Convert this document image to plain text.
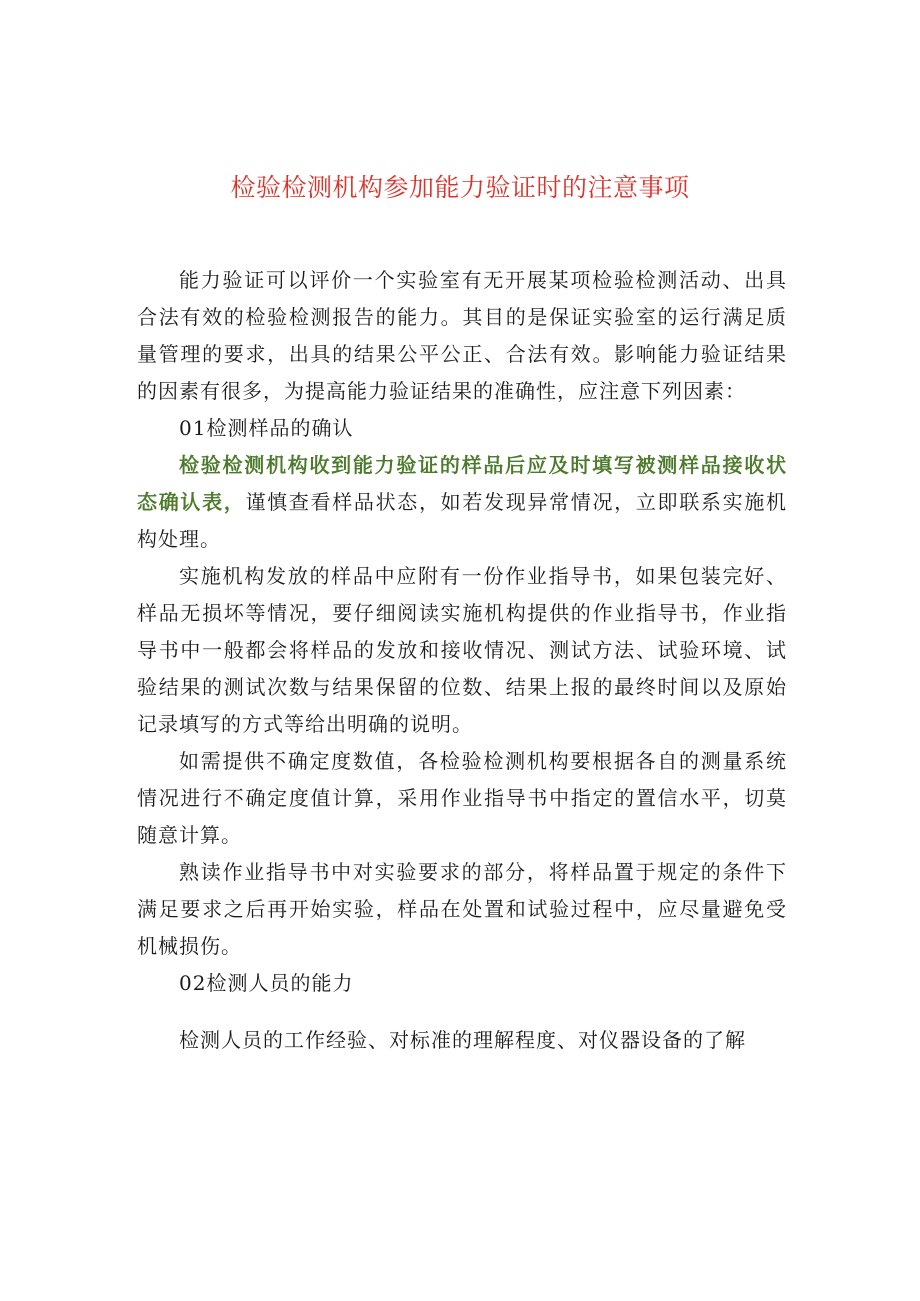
检验检测机构参加能力验证时的注意事项

能力验证可以评价一个实验室有无开展某项检验检测活动、出具合法有效的检验检测报告的能力。其目的是保证实验室的运行满足质量管理的要求，出具的结果公平公正、合法有效。影响能力验证结果的因素有很多，为提高能力验证结果的准确性，应注意下列因素：

01检测样品的确认

检验检测机构收到能力验证的样品后应及时填写被测样品接收状态确认表，谨慎查看样品状态，如若发现异常情况，立即联系实施机构处理。

实施机构发放的样品中应附有一份作业指导书，如果包装完好、样品无损坏等情况，要仔细阅读实施机构提供的作业指导书，作业指导书中一般都会将样品的发放和接收情况、测试方法、试验环境、试验结果的测试次数与结果保留的位数、结果上报的最终时间以及原始记录填写的方式等给出明确的说明。

如需提供不确定度数值，各检验检测机构要根据各自的测量系统情况进行不确定度值计算，采用作业指导书中指定的置信水平，切莫随意计算。

熟读作业指导书中对实验要求的部分，将样品置于规定的条件下满足要求之后再开始实验，样品在处置和试验过程中，应尽量避免受机械损伤。

02检测人员的能力

检测人员的工作经验、对标准的理解程度、对仪器设备的了解
